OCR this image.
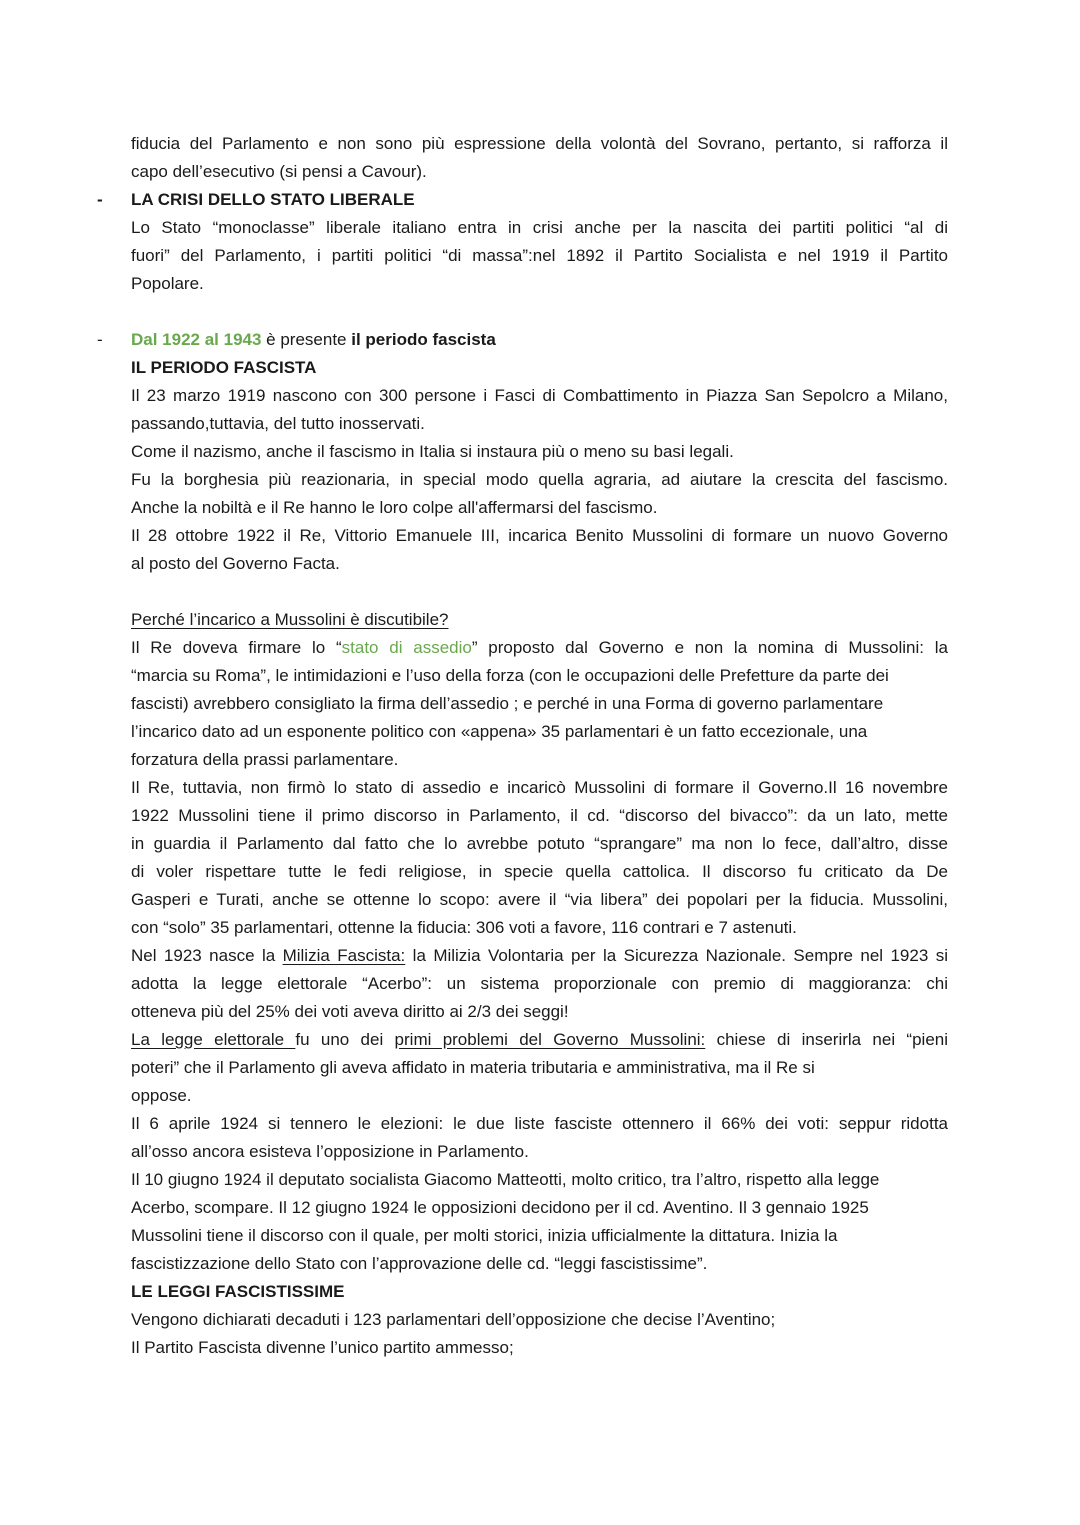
fiducia del Parlamento e non sono più espressione della volontà del Sovrano, pertanto, si rafforza il
capo dell’esecutivo (si pensi a Cavour).
- LA CRISI DELLO STATO LIBERALE
Lo Stato “monoclasse” liberale italiano entra in crisi anche per la nascita dei partiti politici “al di
fuori” del Parlamento, i partiti politici “di massa”:nel 1892 il Partito Socialista e nel 1919 il Partito
Popolare.
- Dal 1922 al 1943 è presente il periodo fascista
IL PERIODO FASCISTA
Il 23 marzo 1919 nascono con 300 persone i Fasci di Combattimento in Piazza San Sepolcro a Milano,
passando,tuttavia, del tutto inosservati.
Come il nazismo, anche il fascismo in Italia si instaura più o meno su basi legali.
Fu la borghesia più reazionaria, in special modo quella agraria, ad aiutare la crescita del fascismo.
Anche la nobiltà e il Re hanno le loro colpe all'affermarsi del fascismo.
Il 28 ottobre 1922 il Re, Vittorio Emanuele III, incarica Benito Mussolini di formare un nuovo Governo
al posto del Governo Facta.
Perché l’incarico a Mussolini è discutibile?
Il Re doveva firmare lo “stato di assedio” proposto dal Governo e non la nomina di Mussolini: la
“marcia su Roma”, le intimidazioni e l’uso della forza (con le occupazioni delle Prefetture da parte dei
fascisti) avrebbero consigliato la firma dell’assedio ; e perché in una Forma di governo parlamentare
l’incarico dato ad un esponente politico con «appena» 35 parlamentari è un fatto eccezionale, una
forzatura della prassi parlamentare.
Il Re, tuttavia, non firmò lo stato di assedio e incaricò Mussolini di formare il Governo.Il 16 novembre
1922 Mussolini tiene il primo discorso in Parlamento, il cd. “discorso del bivacco”: da un lato, mette
in guardia il Parlamento dal fatto che lo avrebbe potuto “sprangare” ma non lo fece, dall’altro, disse
di voler rispettare tutte le fedi religiose, in specie quella cattolica. Il discorso fu criticato da De
Gasperi e Turati, anche se ottenne lo scopo: avere il “via libera” dei popolari per la fiducia. Mussolini,
con “solo” 35 parlamentari, ottenne la fiducia: 306 voti a favore, 116 contrari e 7 astenuti.
Nel 1923 nasce la Milizia Fascista: la Milizia Volontaria per la Sicurezza Nazionale. Sempre nel 1923 si
adotta la legge elettorale “Acerbo”: un sistema proporzionale con premio di maggioranza: chi
otteneva più del 25% dei voti aveva diritto ai 2/3 dei seggi!
La legge elettorale fu uno dei primi problemi del Governo Mussolini: chiese di inserirla nei “pieni
poteri” che il Parlamento gli aveva affidato in materia tributaria e amministrativa, ma il Re si
oppose.
Il 6 aprile 1924 si tennero le elezioni: le due liste fasciste ottennero il 66% dei voti: seppur ridotta
all’osso ancora esisteva l’opposizione in Parlamento.
Il 10 giugno 1924 il deputato socialista Giacomo Matteotti, molto critico, tra l’altro, rispetto alla legge
Acerbo, scompare. Il 12 giugno 1924 le opposizioni decidono per il cd. Aventino. Il 3 gennaio 1925
Mussolini tiene il discorso con il quale, per molti storici, inizia ufficialmente la dittatura. Inizia la
fascistizzazione dello Stato con l’approvazione delle cd. “leggi fascistissime”.
LE LEGGI FASCISTISSIME
Vengono dichiarati decaduti i 123 parlamentari dell’opposizione che decise l’Aventino;
Il Partito Fascista divenne l’unico partito ammesso;
